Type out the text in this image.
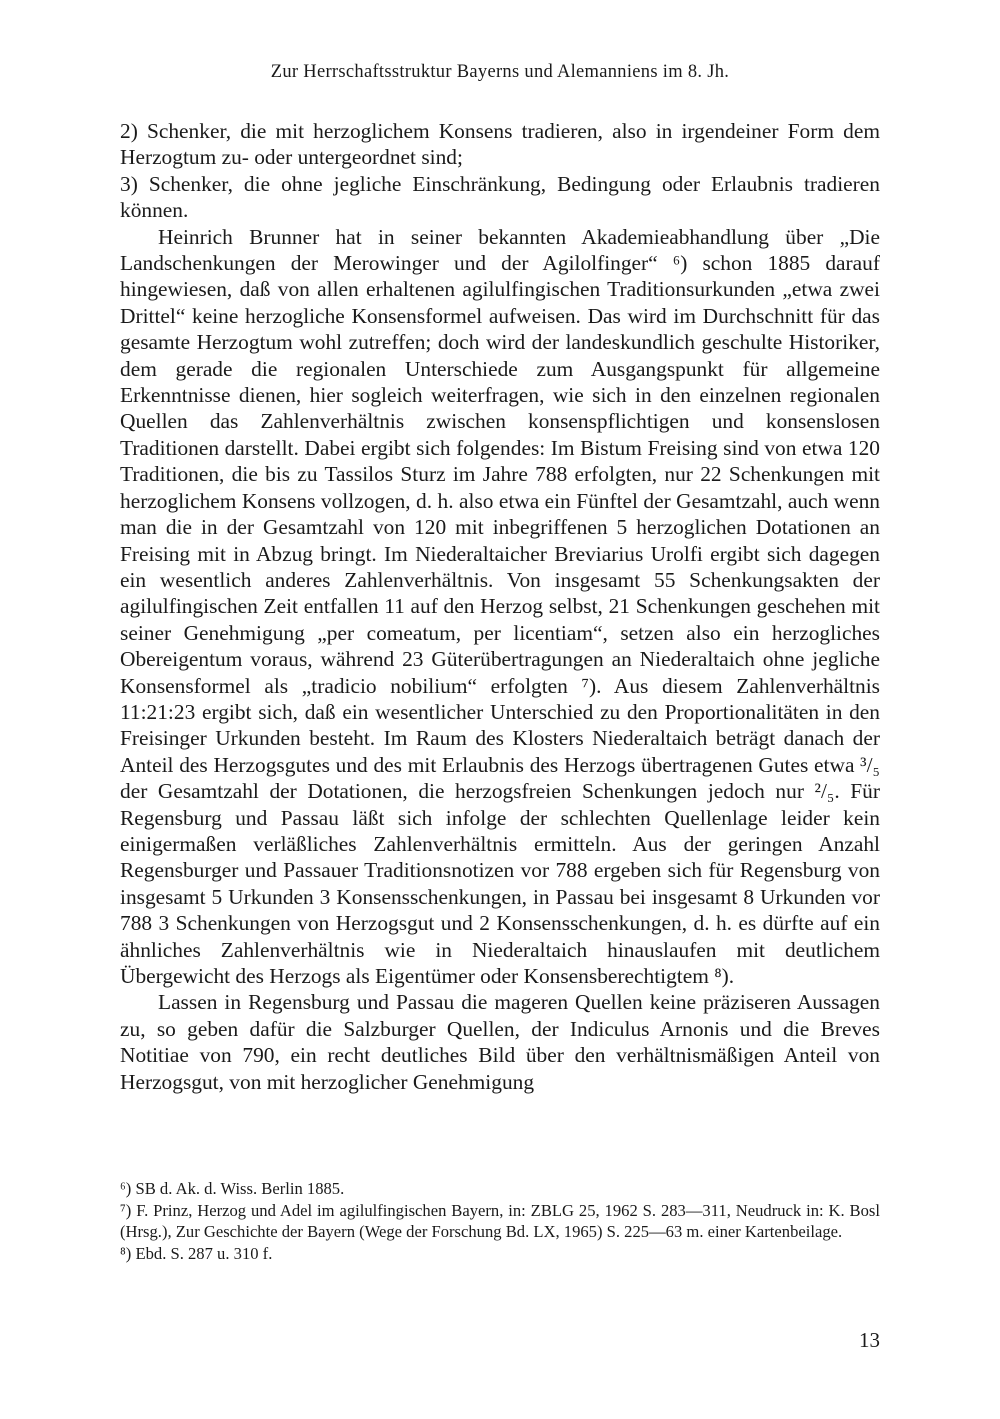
Zur Herrschaftsstruktur Bayerns und Alemanniens im 8. Jh.

2) Schenker, die mit herzoglichem Konsens tradieren, also in irgendeiner Form dem Herzogtum zu- oder untergeordnet sind;

3) Schenker, die ohne jegliche Einschränkung, Bedingung oder Erlaubnis tradieren können.

Heinrich Brunner hat in seiner bekannten Akademieabhandlung über „Die Landschenkungen der Merowinger und der Agilolfinger“ ⁶) schon 1885 darauf hingewiesen, daß von allen erhaltenen agilulfingischen Traditionsurkunden „etwa zwei Drittel“ keine herzogliche Konsensformel aufweisen. Das wird im Durchschnitt für das gesamte Herzogtum wohl zutreffen; doch wird der landeskundlich geschulte Historiker, dem gerade die regionalen Unterschiede zum Ausgangspunkt für allgemeine Erkenntnisse dienen, hier sogleich weiterfragen, wie sich in den einzelnen regionalen Quellen das Zahlenverhältnis zwischen konsenspflichtigen und konsenslosen Traditionen darstellt. Dabei ergibt sich folgendes: Im Bistum Freising sind von etwa 120 Traditionen, die bis zu Tassilos Sturz im Jahre 788 erfolgten, nur 22 Schenkungen mit herzoglichem Konsens vollzogen, d. h. also etwa ein Fünftel der Gesamtzahl, auch wenn man die in der Gesamtzahl von 120 mit inbegriffenen 5 herzoglichen Dotationen an Freising mit in Abzug bringt. Im Niederaltaicher Breviarius Urolfi ergibt sich dagegen ein wesentlich anderes Zahlenverhältnis. Von insgesamt 55 Schenkungsakten der agilulfingischen Zeit entfallen 11 auf den Herzog selbst, 21 Schenkungen geschehen mit seiner Genehmigung „per comeatum, per licentiam“, setzen also ein herzogliches Obereigentum voraus, während 23 Güterübertragungen an Niederaltaich ohne jegliche Konsensformel als „tradicio nobilium“ erfolgten ⁷). Aus diesem Zahlenverhältnis 11:21:23 ergibt sich, daß ein wesentlicher Unterschied zu den Proportionalitäten in den Freisinger Urkunden besteht. Im Raum des Klosters Niederaltaich beträgt danach der Anteil des Herzogsgutes und des mit Erlaubnis des Herzogs übertragenen Gutes etwa ³/₅ der Gesamtzahl der Dotationen, die herzogsfreien Schenkungen jedoch nur ²/₅. Für Regensburg und Passau läßt sich infolge der schlechten Quellenlage leider kein einigermaßen verläßliches Zahlenverhältnis ermitteln. Aus der geringen Anzahl Regensburger und Passauer Traditionsnotizen vor 788 ergeben sich für Regensburg von insgesamt 5 Urkunden 3 Konsensschenkungen, in Passau bei insgesamt 8 Urkunden vor 788 3 Schenkungen von Herzogsgut und 2 Konsensschenkungen, d. h. es dürfte auf ein ähnliches Zahlenverhältnis wie in Niederaltaich hinauslaufen mit deutlichem Übergewicht des Herzogs als Eigentümer oder Konsensberechtigtem ⁸).

Lassen in Regensburg und Passau die mageren Quellen keine präziseren Aussagen zu, so geben dafür die Salzburger Quellen, der Indiculus Arnonis und die Breves Notitiae von 790, ein recht deutliches Bild über den verhältnismäßigen Anteil von Herzogsgut, von mit herzoglicher Genehmigung

⁶) SB d. Ak. d. Wiss. Berlin 1885.

⁷) F. Prinz, Herzog und Adel im agilulfingischen Bayern, in: ZBLG 25, 1962 S. 283—311, Neudruck in: K. Bosl (Hrsg.), Zur Geschichte der Bayern (Wege der Forschung Bd. LX, 1965) S. 225—63 m. einer Kartenbeilage.

⁸) Ebd. S. 287 u. 310 f.

13
